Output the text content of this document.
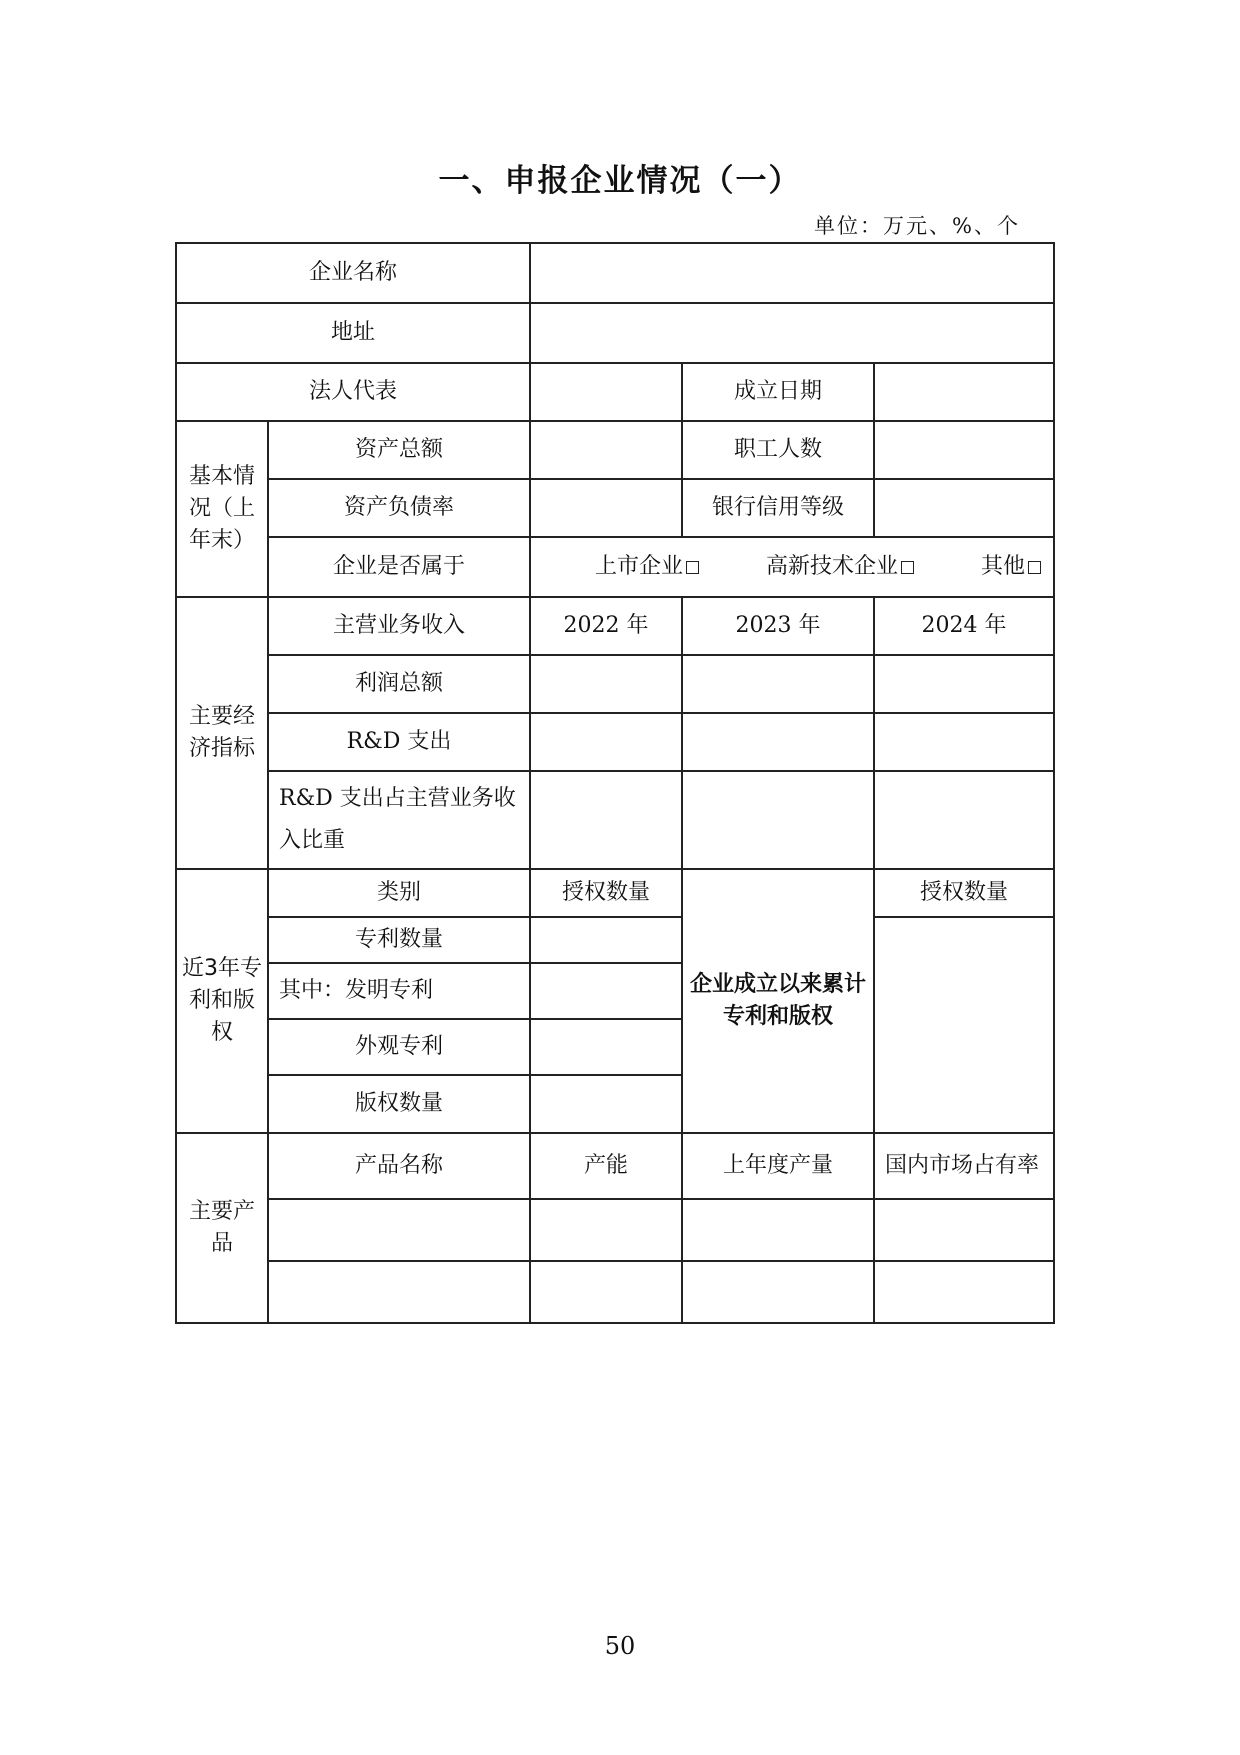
一、申报企业情况（一）
单位：万元、%、个
企业名称				
地址				
法人代表			成立日期	
基本情况（上年末）	资产总额		职工人数	
	资产负债率		银行信用等级	
	企业是否属于	上市企业 高新技术企业 其他		

主要经济指标	主营业务收入	2022 年	2023 年	2024 年
	利润总额			
	R&D 支出			
	R&D 支出占主营业务收入比重			
近3年专利和版权	类别	授权数量	企业成立以来累计专利和版权	授权数量
	专利数量			
	其中：发明专利			
	外观专利			
	版权数量			
主要产品	产品名称	产能	上年度产量	国内市场占有率

50
